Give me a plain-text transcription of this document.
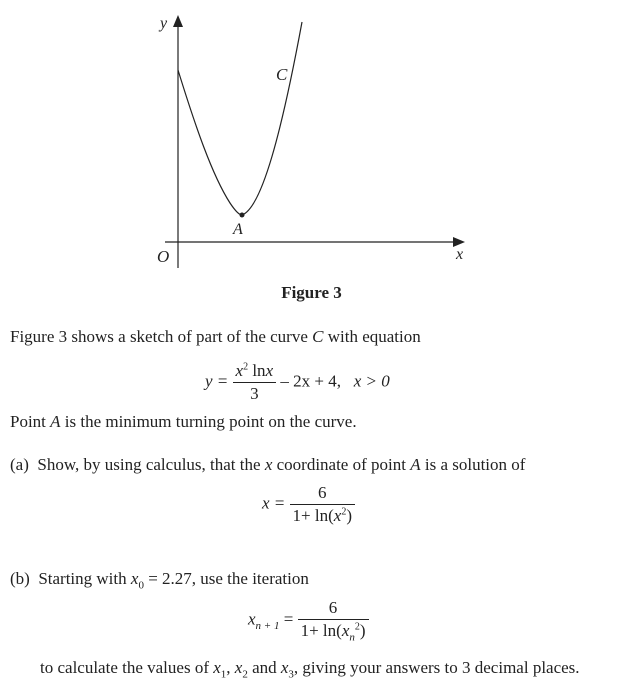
y
x
O
C
A
Figure 3
Figure 3 shows a sketch of part of the curve C with equation
$y = \frac{x^2 \ln x}{3} - 2x + 4$, x > 0
Point A is the minimum turning point on the curve.
(a) Show, by using calculus, that the x coordinate of point A is a solution of
$x = \frac{6}{1+ \ln(x^2)}$
(b) Starting with $x_0 = 2.27$, use the iteration
$x_{n + 1} = \frac{6}{1+ \ln(x_n^2)}$
to calculate the values of $x_1$, $x_2$ and $x_3$, giving your answers to 3 decimal places.
